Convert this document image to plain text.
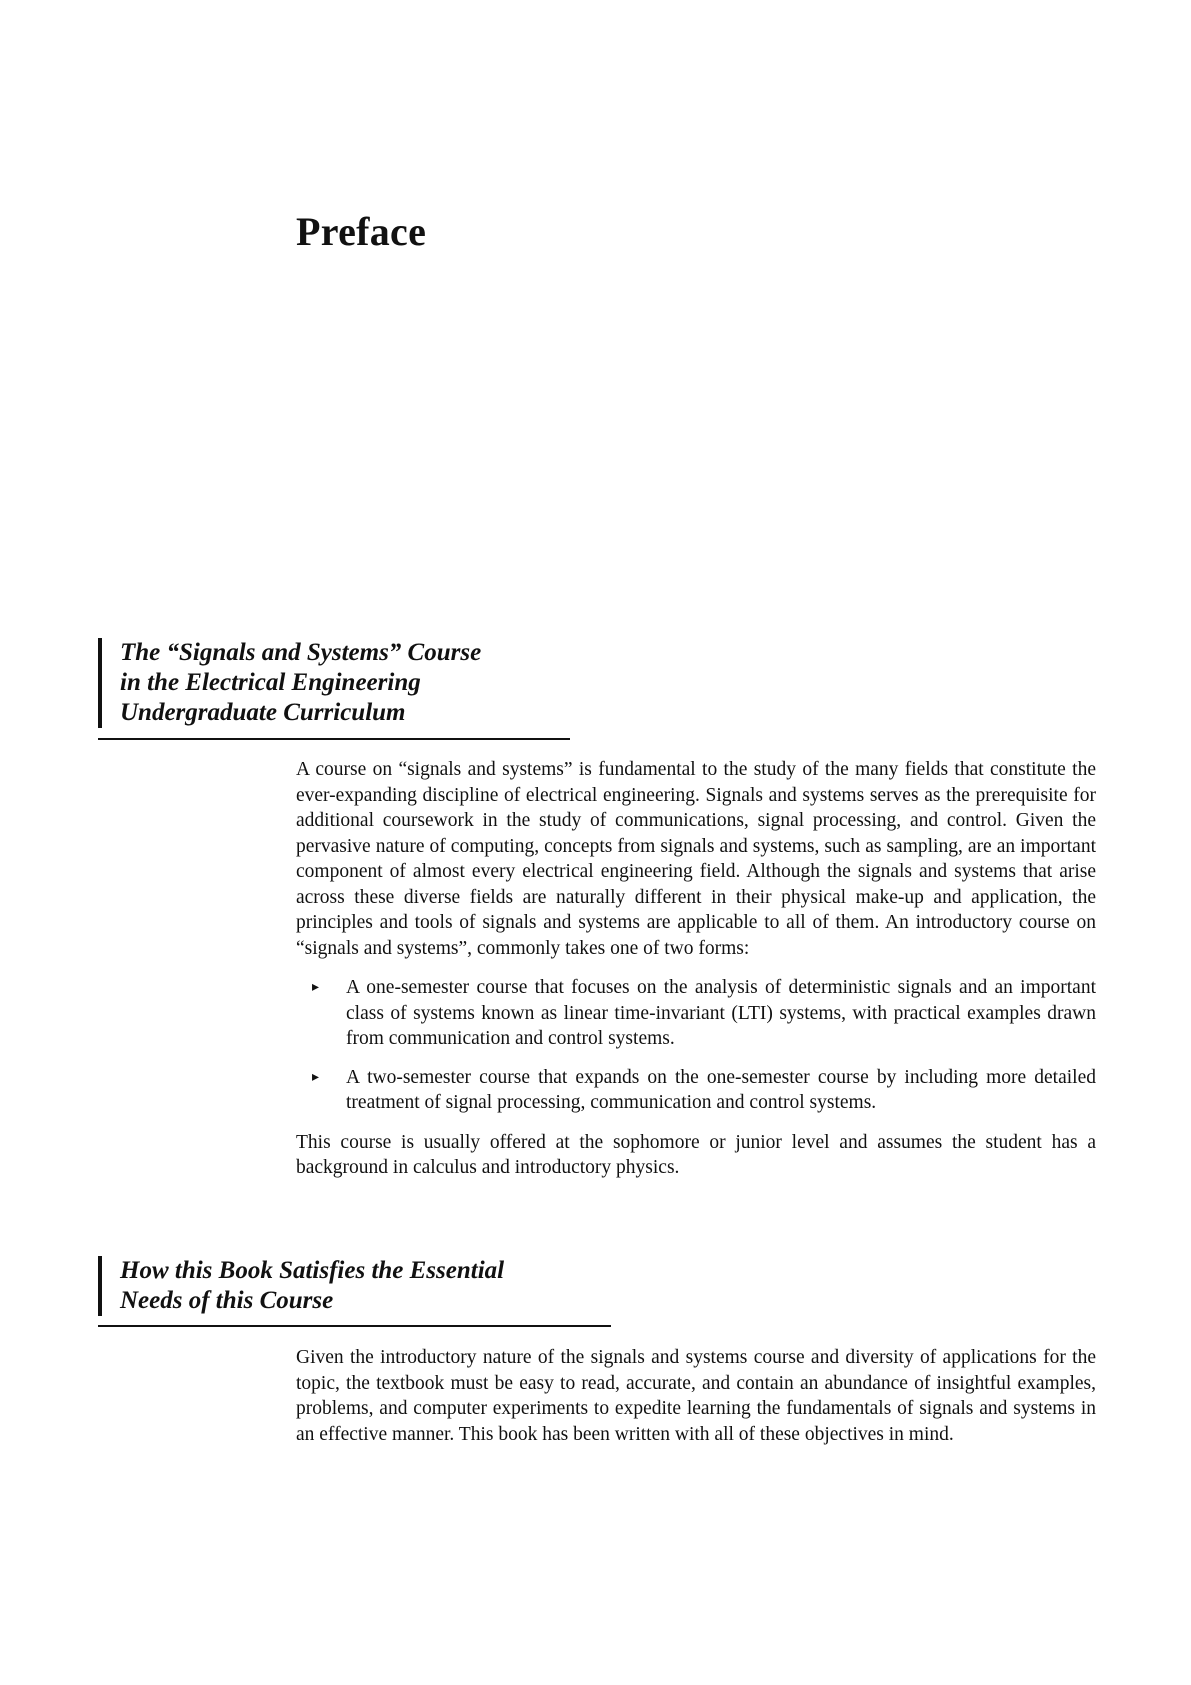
Preface
The “Signals and Systems” Course
in the Electrical Engineering
Undergraduate Curriculum

A course on “signals and systems” is fundamental to the study of the many fields that constitute the ever-expanding discipline of electrical engineering. Signals and systems serves as the prerequisite for additional coursework in the study of communications, signal processing, and control. Given the pervasive nature of computing, concepts from signals and systems, such as sampling, are an important component of almost every electrical engineering field. Although the signals and systems that arise across these diverse fields are naturally different in their physical make-up and application, the principles and tools of signals and systems are applicable to all of them. An introductory course on “signals and systems”, commonly takes one of two forms:

▸ A one-semester course that focuses on the analysis of deterministic signals and an important class of systems known as linear time-invariant (LTI) systems, with practical examples drawn from communication and control systems.
▸ A two-semester course that expands on the one-semester course by including more detailed treatment of signal processing, communication and control systems.

This course is usually offered at the sophomore or junior level and assumes the student has a background in calculus and introductory physics.

How this Book Satisfies the Essential
Needs of this Course

Given the introductory nature of the signals and systems course and diversity of applications for the topic, the textbook must be easy to read, accurate, and contain an abundance of insightful examples, problems, and computer experiments to expedite learning the fundamentals of signals and systems in an effective manner. This book has been written with all of these objectives in mind.
